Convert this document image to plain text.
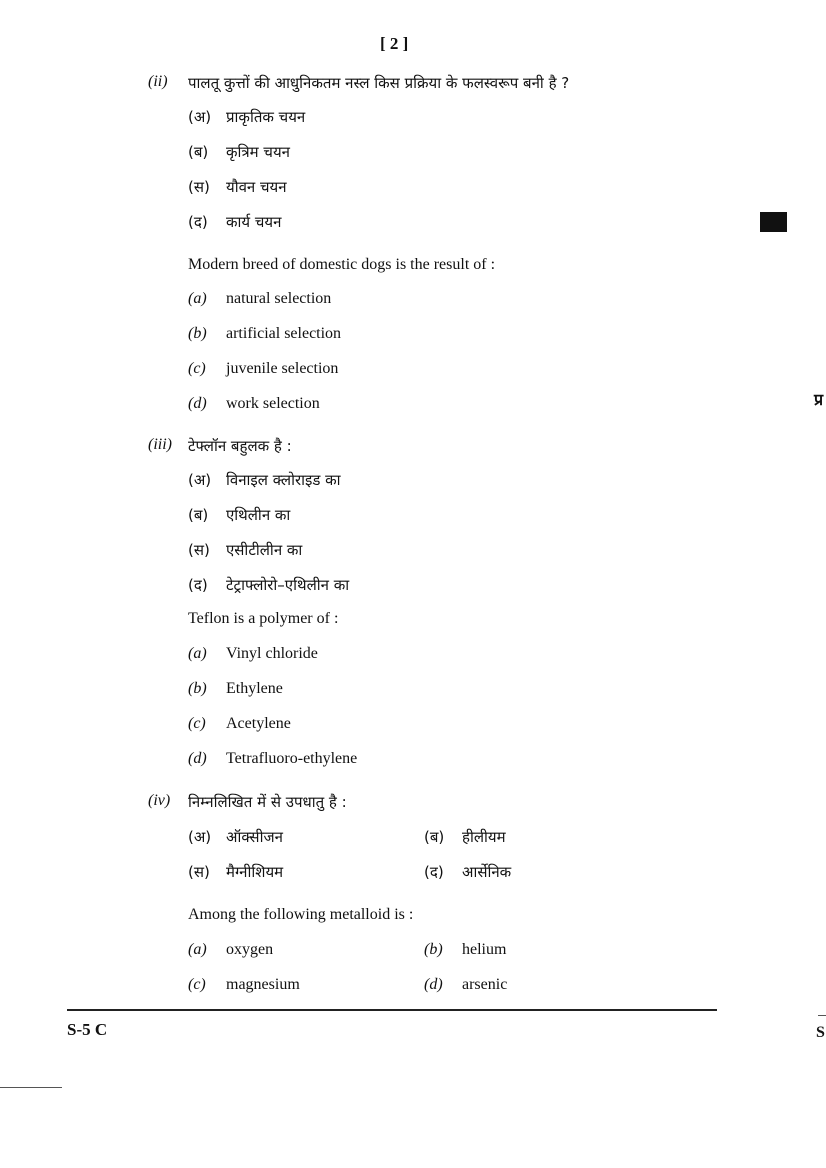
[ 2 ]
(ii) पालतू कुत्तों की आधुनिकतम नस्ल किस प्रक्रिया के फलस्वरूप बनी है ?
(अ) प्राकृतिक चयन
(ब) कृत्रिम चयन
(स) यौवन चयन
(द) कार्य चयन
Modern breed of domestic dogs is the result of :
(a) natural selection
(b) artificial selection
(c) juvenile selection
(d) work selection
(iii) टेफ्लॉन बहुलक है :
(अ) विनाइल क्लोराइड का
(ब) एथिलीन का
(स) एसीटीलीन का
(द) टेट्राफ्लोरो–एथिलीन का
Teflon is a polymer of :
(a) Vinyl chloride
(b) Ethylene
(c) Acetylene
(d) Tetrafluoro-ethylene
(iv) निम्नलिखित में से उपधातु है :
(अ) ऑक्सीजन	(ब) हीलीयम
(स) मैग्नीशियम	(द) आर्सेनिक
Among the following metalloid is :
(a) oxygen	(b) helium
(c) magnesium	(d) arsenic
S-5 C
प्र
S
